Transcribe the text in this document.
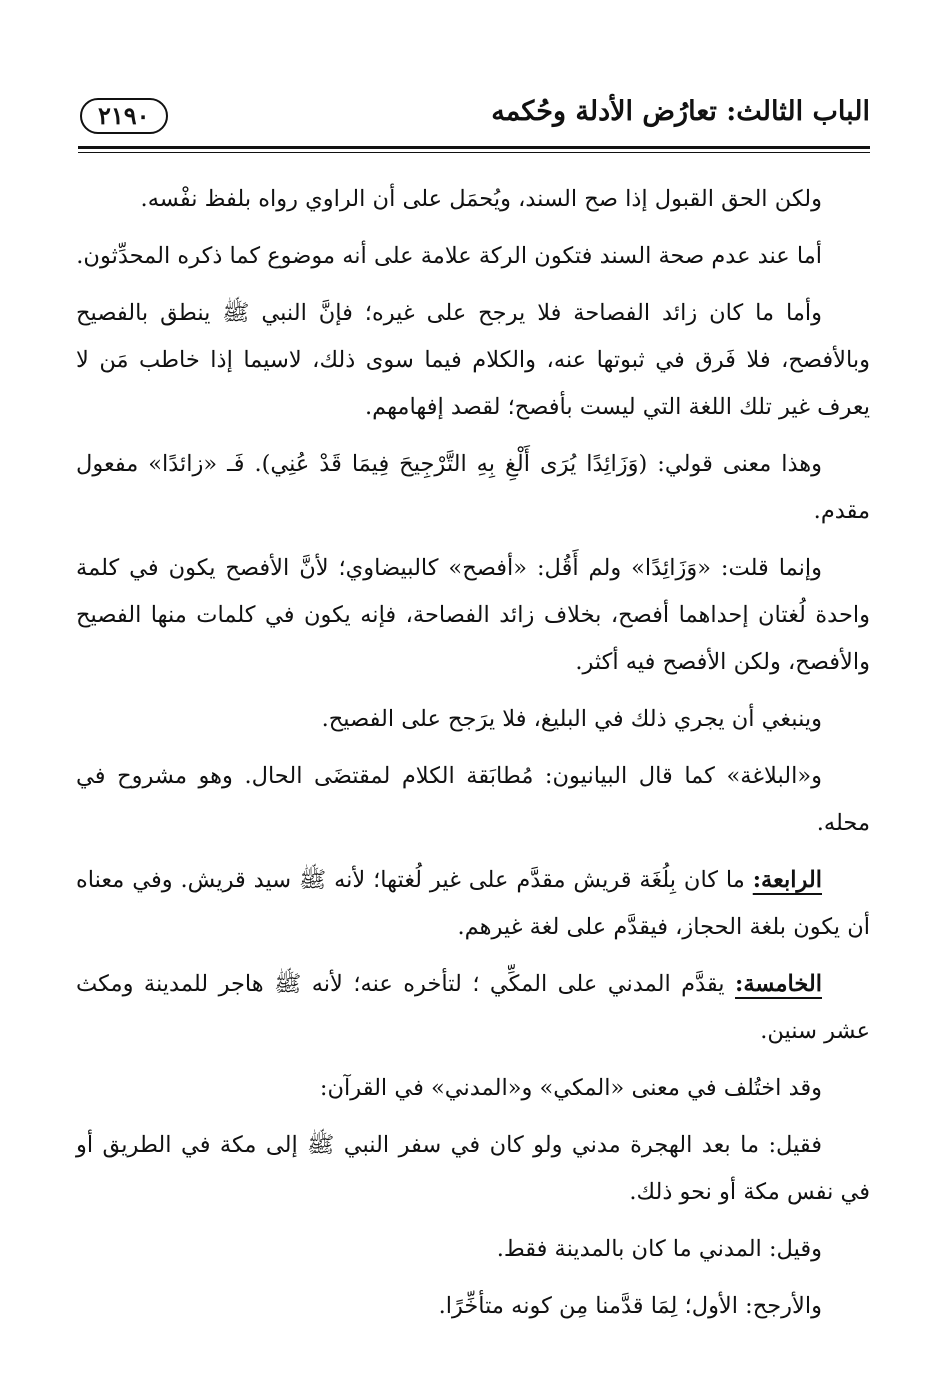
الباب الثالث: تعارُض الأدلة وحُكمه
٢١٩٠

ولكن الحق القبول إذا صح السند، ويُحمَل على أن الراوي رواه بلفظ نفْسه.

أما عند عدم صحة السند فتكون الركة علامة على أنه موضوع كما ذكره المحدِّثون.

وأما ما كان زائد الفصاحة فلا يرجح على غيره؛ فإنَّ النبي ﷺ ينطق بالفصيح وبالأفصح، فلا فَرق في ثبوتها عنه، والكلام فيما سوى ذلك، لاسيما إذا خاطب مَن لا يعرف غير تلك اللغة التي ليست بأفصح؛ لقصد إفهامهم.

وهذا معنى قولي: (وَزَائِدًا يُرَى أَلْغِ بِهِ التَّرْجِيحَ فِيمَا قَدْ عُنِي). فَـ «زائدًا» مفعول مقدم.

وإنما قلت: «وَزَائِدًا» ولم أَقُل: «أفصح» كالبيضاوي؛ لأنَّ الأفصح يكون في كلمة واحدة لُغتان إحداهما أفصح، بخلاف زائد الفصاحة، فإنه يكون في كلمات منها الفصيح والأفصح، ولكن الأفصح فيه أكثر.

وينبغي أن يجري ذلك في البليغ، فلا يرَجح على الفصيح.

و«البلاغة» كما قال البيانيون: مُطابَقة الكلام لمقتضَى الحال. وهو مشروح في محله.

الرابعة: ما كان بِلُغَة قريش مقدَّم على غير لُغتها؛ لأنه ﷺ سيد قريش. وفي معناه أن يكون بلغة الحجاز، فيقدَّم على لغة غيرهم.

الخامسة: يقدَّم المدني على المكِّي ؛ لتأخره عنه؛ لأنه ﷺ هاجر للمدينة ومكث عشر سنين.

وقد اختُلف في معنى «المكي» و«المدني» في القرآن:

فقيل: ما بعد الهجرة مدني ولو كان في سفر النبي ﷺ إلى مكة في الطريق أو في نفس مكة أو نحو ذلك.

وقيل: المدني ما كان بالمدينة فقط.

والأرجح: الأول؛ لِمَا قدَّمنا مِن كونه متأخِّرًا.
